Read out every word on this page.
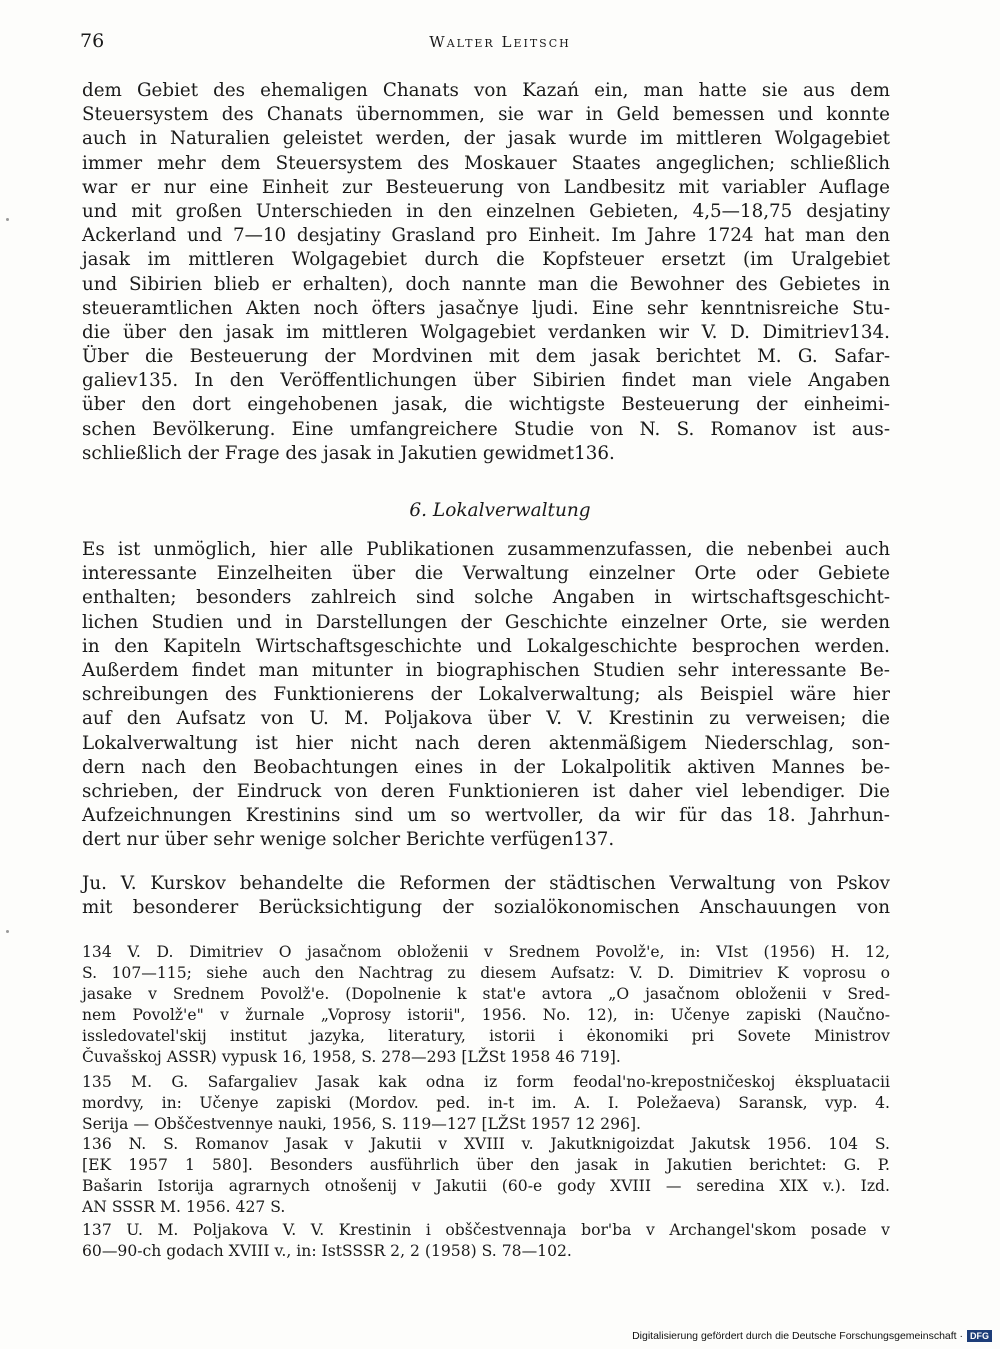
76	Walter Leitsch
dem Gebiet des ehemaligen Chanats von Kazań ein, man hatte sie aus dem
Steuersystem des Chanats übernommen, sie war in Geld bemessen und konnte
auch in Naturalien geleistet werden, der jasak wurde im mittleren Wolgagebiet
immer mehr dem Steuersystem des Moskauer Staates angeglichen; schließlich
war er nur eine Einheit zur Besteuerung von Landbesitz mit variabler Auflage
und mit großen Unterschieden in den einzelnen Gebieten, 4,5—18,75 desjatiny
Ackerland und 7—10 desjatiny Grasland pro Einheit. Im Jahre 1724 hat man den
jasak im mittleren Wolgagebiet durch die Kopfsteuer ersetzt (im Uralgebiet
und Sibirien blieb er erhalten), doch nannte man die Bewohner des Gebietes in
steueramtlichen Akten noch öfters jasačnye ljudi. Eine sehr kenntnisreiche Stu-
die über den jasak im mittleren Wolgagebiet verdanken wir V. D. Dimitriev134.
Über die Besteuerung der Mordvinen mit dem jasak berichtet M. G. Safar-
galiev135. In den Veröffentlichungen über Sibirien findet man viele Angaben
über den dort eingehobenen jasak, die wichtigste Besteuerung der einheimi-
schen Bevölkerung. Eine umfangreichere Studie von N. S. Romanov ist aus-
schließlich der Frage des jasak in Jakutien gewidmet136.
6. Lokalverwaltung
Es ist unmöglich, hier alle Publikationen zusammenzufassen, die nebenbei auch
interessante Einzelheiten über die Verwaltung einzelner Orte oder Gebiete
enthalten; besonders zahlreich sind solche Angaben in wirtschaftsgeschicht-
lichen Studien und in Darstellungen der Geschichte einzelner Orte, sie werden
in den Kapiteln Wirtschaftsgeschichte und Lokalgeschichte besprochen werden.
Außerdem findet man mitunter in biographischen Studien sehr interessante Be-
schreibungen des Funktionierens der Lokalverwaltung; als Beispiel wäre hier
auf den Aufsatz von U. M. Poljakova über V. V. Krestinin zu verweisen; die
Lokalverwaltung ist hier nicht nach deren aktenmäßigem Niederschlag, son-
dern nach den Beobachtungen eines in der Lokalpolitik aktiven Mannes be-
schrieben, der Eindruck von deren Funktionieren ist daher viel lebendiger. Die
Aufzeichnungen Krestinins sind um so wertvoller, da wir für das 18. Jahrhun-
dert nur über sehr wenige solcher Berichte verfügen137.
Ju. V. Kurskov behandelte die Reformen der städtischen Verwaltung von Pskov
mit besonderer Berücksichtigung der sozialökonomischen Anschauungen von
134 V. D. Dimitriev O jasačnom obloženii v Srednem Povolž'e, in: VIst (1956) H. 12,
S. 107—115; siehe auch den Nachtrag zu diesem Aufsatz: V. D. Dimitriev K voprosu o
jasake v Srednem Povolž'e. (Dopolnenie k stat'e avtora „O jasačnom obloženii v Sred-
nem Povolž'e" v žurnale „Voprosy istorii", 1956. No. 12), in: Učenye zapiski (Naučno-
issledovatel'skij institut jazyka, literatury, istorii i ėkonomiki pri Sovete Ministrov
Čuvašskoj ASSR) vypusk 16, 1958, S. 278—293 [LŽSt 1958 46 719].
135 M. G. Safargaliev Jasak kak odna iz form feodal'no-krepostničeskoj ėkspluatacii
mordvy, in: Učenye zapiski (Mordov. ped. in-t im. A. I. Poležaeva) Saransk, vyp. 4.
Serija — Obščestvennye nauki, 1956, S. 119—127 [LŽSt 1957 12 296].
136 N. S. Romanov Jasak v Jakutii v XVIII v. Jakutknigoizdat Jakutsk 1956. 104 S.
[EK 1957 1 580]. Besonders ausführlich über den jasak in Jakutien berichtet: G. P.
Bašarin Istorija agrarnych otnošenij v Jakutii (60-e gody XVIII — seredina XIX v.). Izd.
AN SSSR M. 1956. 427 S.
137 U. M. Poljakova V. V. Krestinin i obščestvennaja bor'ba v Archangel'skom posade v
60—90-ch godach XVIII v., in: IstSSSR 2, 2 (1958) S. 78—102.
Digitalisierung gefördert durch die Deutsche Forschungsgemeinschaft · DFG
